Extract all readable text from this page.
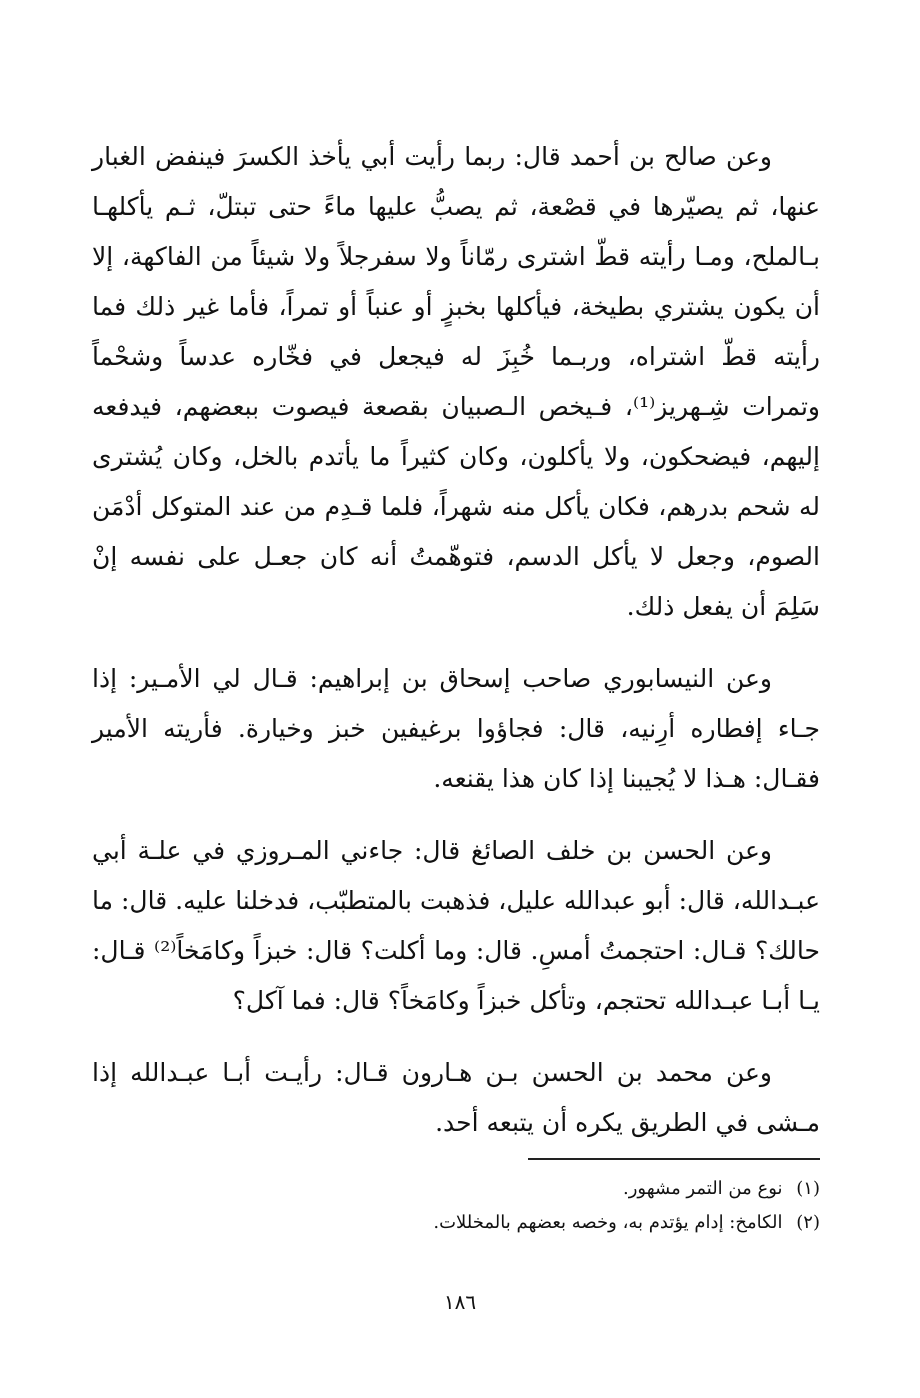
وعن صالح بن أحمد قال: ربما رأيت أبي يأخذ الكسرَ فينفض الغبار عنها، ثم يصيّرها في قصْعة، ثم يصبُّ عليها ماءً حتى تبتلّ، ثـم يأكلهـا بـالملح، ومـا رأيته قطّ اشترى رمّاناً ولا سفرجلاً ولا شيئاً من الفاكهة، إلا أن يكون يشتري بطيخة، فيأكلها بخبزٍ أو عنباً أو تمراً، فأما غير ذلك فما رأيته قطّ اشتراه، وربـما خُبِزَ له فيجعل في فخّاره عدساً وشحْماً وتمرات شِـهريز⁽¹⁾، فـيخص الـصبيان بقصعة فيصوت ببعضهم، فيدفعه إليهم، فيضحكون، ولا يأكلون، وكان كثيراً ما يأتدم بالخل، وكان يُشترى له شحم بدرهم، فكان يأكل منه شهراً، فلما قـدِم من عند المتوكل أدْمَن الصوم، وجعل لا يأكل الدسم، فتوهّمتُ أنه كان جعـل على نفسه إنْ سَلِمَ أن يفعل ذلك.

وعن النيسابوري صاحب إسحاق بن إبراهيم: قـال لي الأمـير: إذا جـاء إفطاره أرِنيه، قال: فجاؤوا برغيفين خبز وخيارة. فأريته الأمير فقـال: هـذا لا يُجيبنا إذا كان هذا يقنعه.

وعن الحسن بن خلف الصائغ قال: جاءني المـروزي في علـة أبي عبـدالله، قال: أبو عبدالله عليل، فذهبت بالمتطبّب، فدخلنا عليه. قال: ما حالك؟ قـال: احتجمتُ أمسِ. قال: وما أكلت؟ قال: خبزاً وكامَخاً⁽²⁾ قـال: يـا أبـا عبـدالله تحتجم، وتأكل خبزاً وكامَخاً؟ قال: فما آكل؟

وعن محمد بن الحسن بـن هـارون قـال: رأيـت أبـا عبـدالله إذا مـشى في الطريق يكره أن يتبعه أحد.

(١) نوع من التمر مشهور.

(٢) الكامخ: إدام يؤتدم به، وخصه بعضهم بالمخللات.

١٨٦
